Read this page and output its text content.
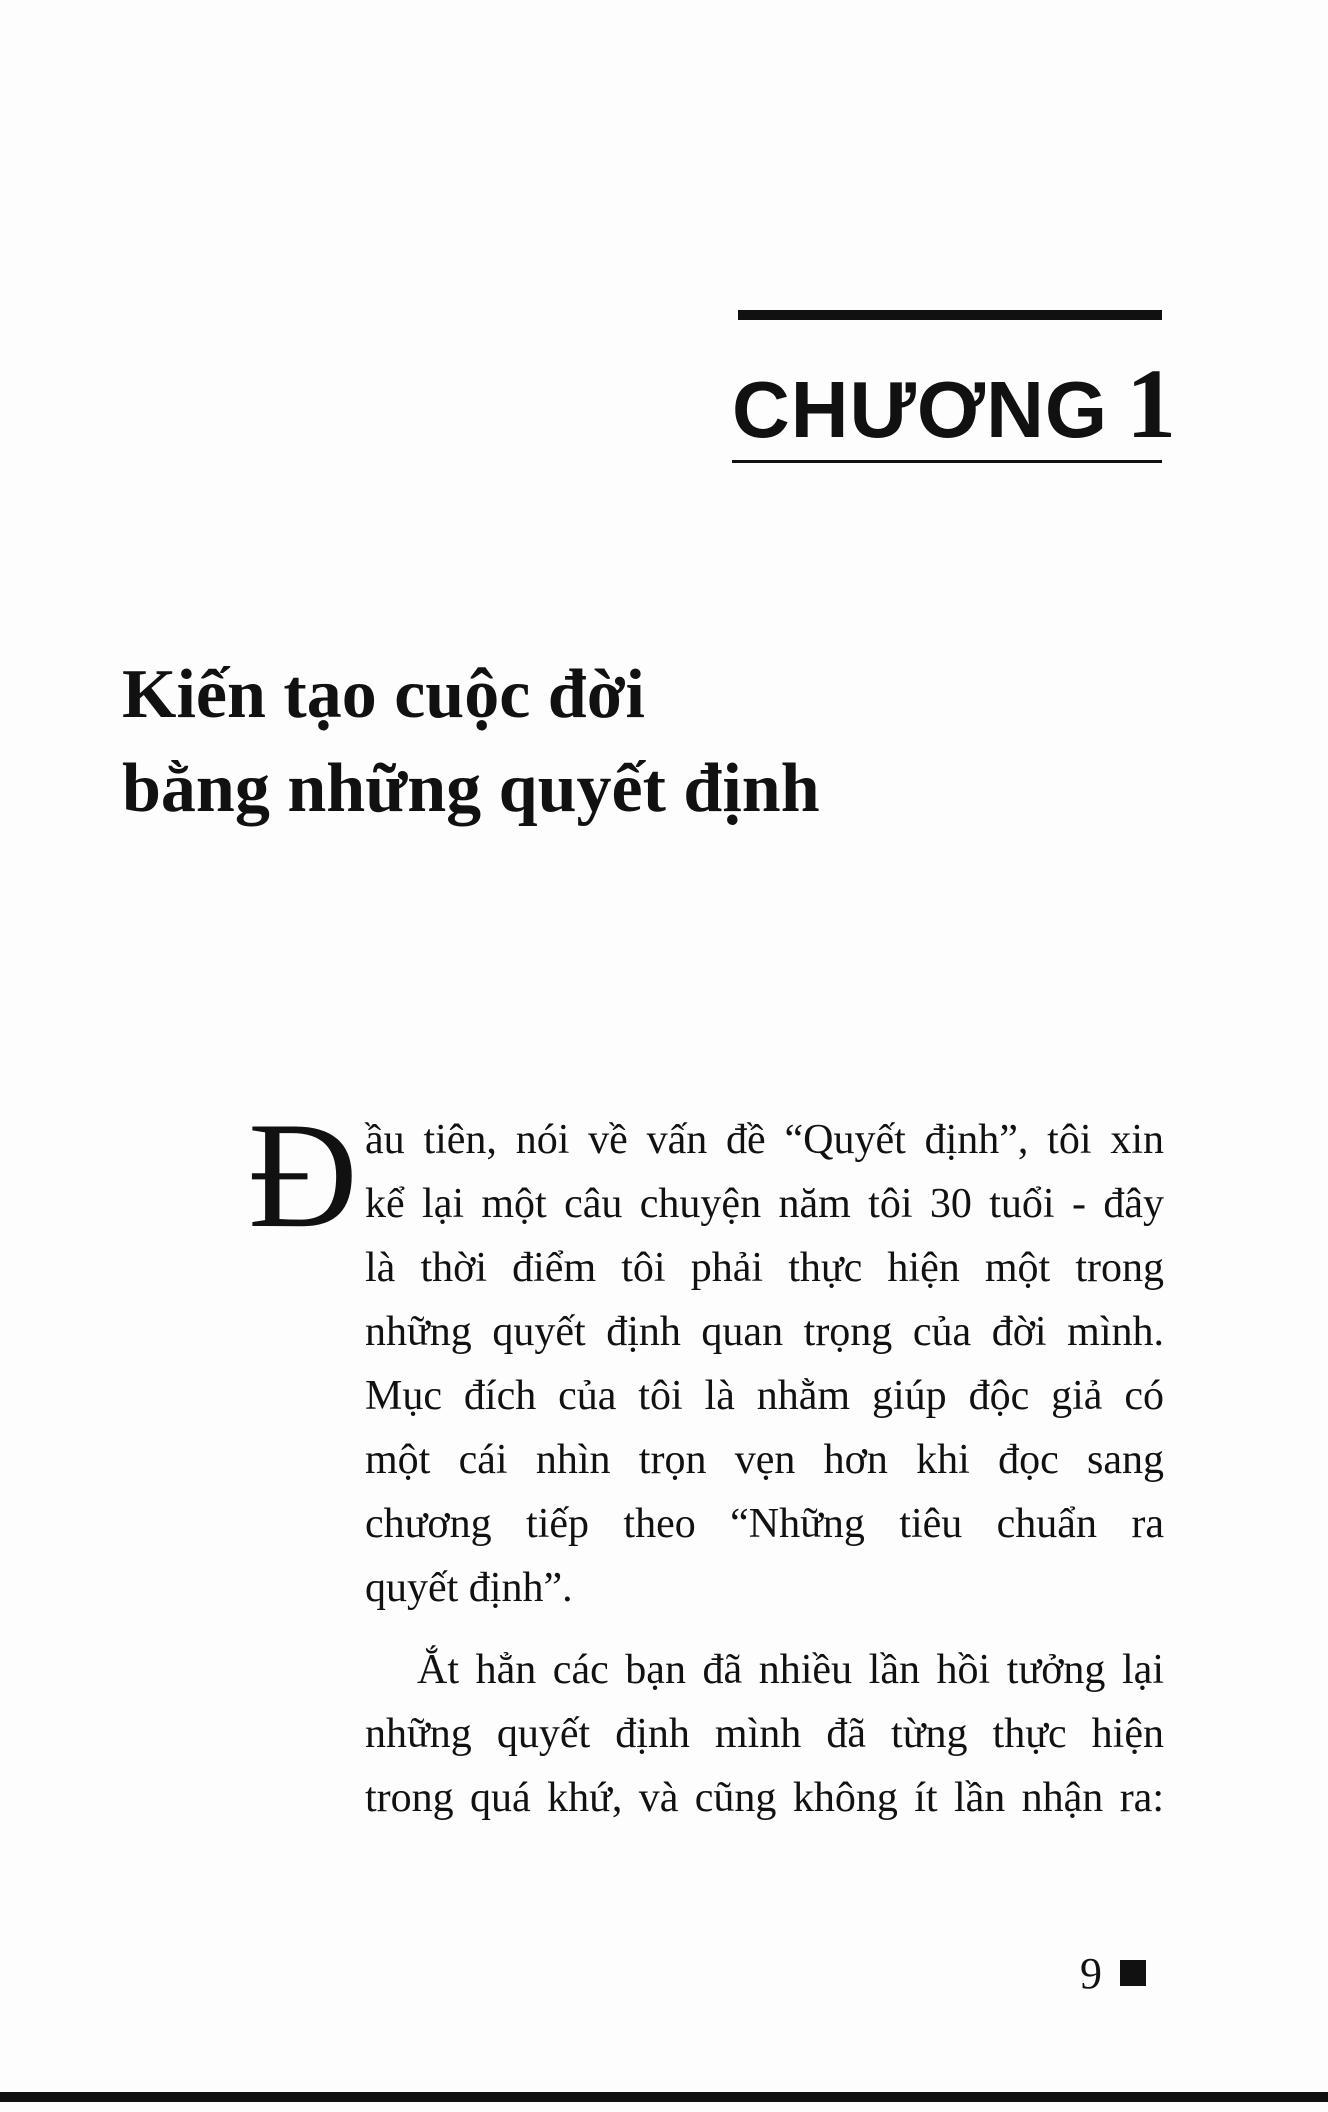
CHƯƠNG 1
Kiến tạo cuộc đời
bằng những quyết định

Đ ầu tiên, nói về vấn đề “Quyết định”, tôi xin
kể lại một câu chuyện năm tôi 30 tuổi - đây
là thời điểm tôi phải thực hiện một trong
những quyết định quan trọng của đời mình.
Mục đích của tôi là nhằm giúp độc giả có
một cái nhìn trọn vẹn hơn khi đọc sang
chương tiếp theo “Những tiêu chuẩn ra
quyết định”.

Ắt hẳn các bạn đã nhiều lần hồi tưởng lại
những quyết định mình đã từng thực hiện
trong quá khứ, và cũng không ít lần nhận ra:

9
